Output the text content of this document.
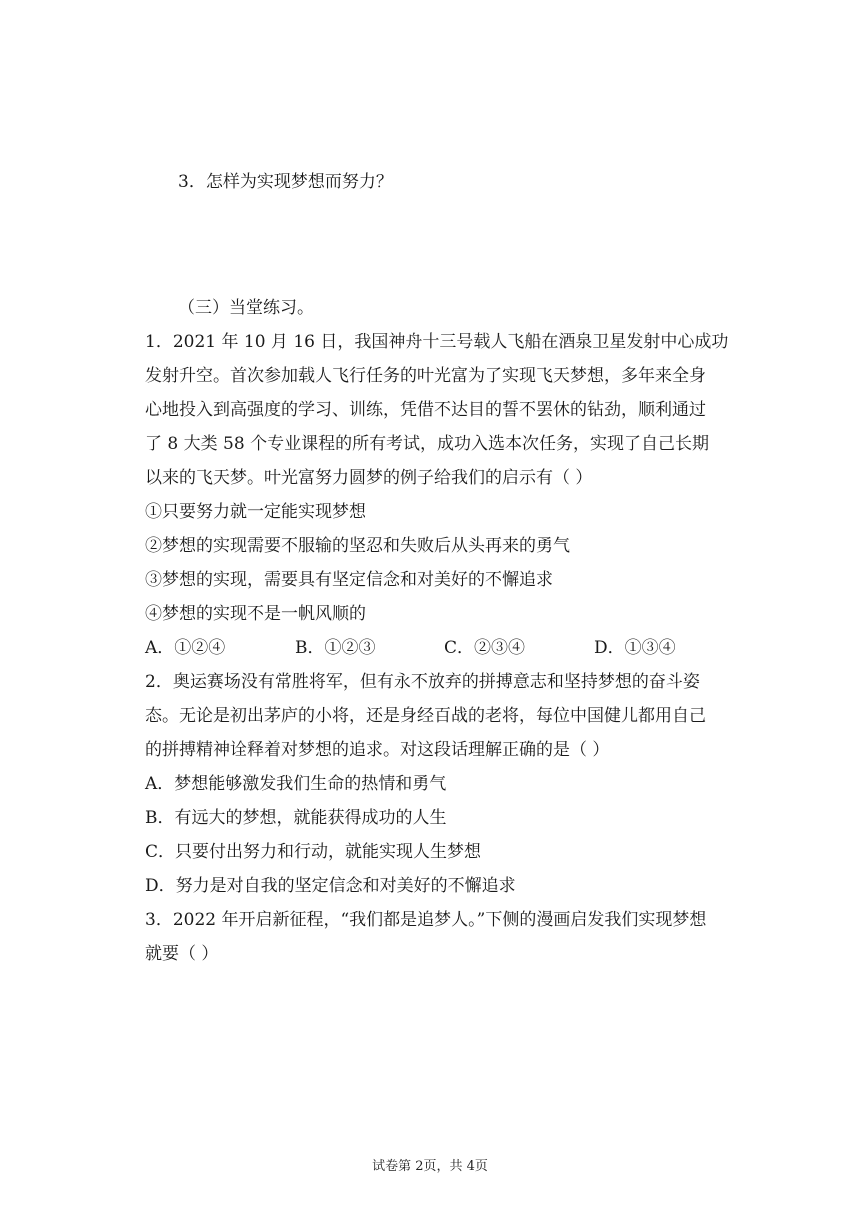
3．怎样为实现梦想而努力？
（三）当堂练习。
1．2021 年 10 月 16 日，我国神舟十三号载人飞船在酒泉卫星发射中心成功
发射升空。首次参加载人飞行任务的叶光富为了实现飞天梦想，多年来全身
心地投入到高强度的学习、训练，凭借不达目的誓不罢休的钻劲，顺利通过
了 8 大类 58 个专业课程的所有考试，成功入选本次任务，实现了自己长期
以来的飞天梦。叶光富努力圆梦的例子给我们的启示有（ ）
①只要努力就一定能实现梦想
②梦想的实现需要不服输的坚忍和失败后从头再来的勇气
③梦想的实现，需要具有坚定信念和对美好的不懈追求
④梦想的实现不是一帆风顺的
A．①②④	B．①②③	C．②③④	D．①③④
2．奥运赛场没有常胜将军，但有永不放弃的拼搏意志和坚持梦想的奋斗姿
态。无论是初出茅庐的小将，还是身经百战的老将，每位中国健儿都用自己
的拼搏精神诠释着对梦想的追求。对这段话理解正确的是（ ）
A．梦想能够激发我们生命的热情和勇气
B．有远大的梦想，就能获得成功的人生
C．只要付出努力和行动，就能实现人生梦想
D．努力是对自我的坚定信念和对美好的不懈追求
3．2022 年开启新征程，“我们都是追梦人。”下侧的漫画启发我们实现梦想
就要（ ）
试卷第 2页，共 4页
